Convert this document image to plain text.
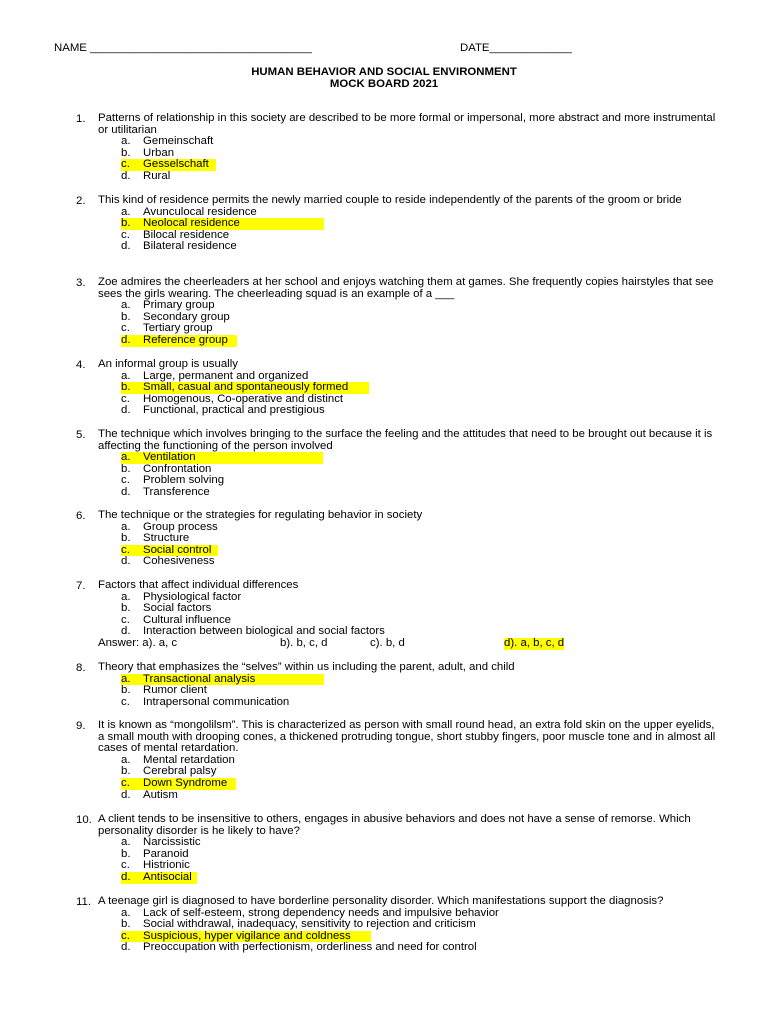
NAME ___________________________________	DATE_____________
HUMAN BEHAVIOR AND SOCIAL ENVIRONMENT
MOCK BOARD 2021
1. Patterns of relationship in this society are described to be more formal or impersonal, more abstract and more instrumental or utilitarian
a. Gemeinschaft
b. Urban
c. Gesselschaft
d. Rural
2. This kind of residence permits the newly married couple to reside independently of the parents of the groom or bride
a. Avunculocal residence
b. Neolocal residence
c. Bilocal residence
d. Bilateral residence
3. Zoe admires the cheerleaders at her school and enjoys watching them at games. She frequently copies hairstyles that see sees the girls wearing. The cheerleading squad is an example of a ___
a. Primary group
b. Secondary group
c. Tertiary group
d. Reference group
4. An informal group is usually
a. Large, permanent and organized
b. Small, casual and spontaneously formed
c. Homogenous, Co-operative and distinct
d. Functional, practical and prestigious
5. The technique which involves bringing to the surface the feeling and the attitudes that need to be brought out because it is affecting the functioning of the person involved
a. Ventilation
b. Confrontation
c. Problem solving
d. Transference
6. The technique or the strategies for regulating behavior in society
a. Group process
b. Structure
c. Social control
d. Cohesiveness
7. Factors that affect individual differences
a. Physiological factor
b. Social factors
c. Cultural influence
d. Interaction between biological and social factors
Answer: a). a, c	b). b, c, d	c). b, d	d). a, b, c, d
8. Theory that emphasizes the “selves” within us including the parent, adult, and child
a. Transactional analysis
b. Rumor client
c. Intrapersonal communication
9. It is known as “mongolilsm”. This is characterized as person with small round head, an extra fold skin on the upper eyelids, a small mouth with drooping cones, a thickened protruding tongue, short stubby fingers, poor muscle tone and in almost all cases of mental retardation.
a. Mental retardation
b. Cerebral palsy
c. Down Syndrome
d. Autism
10. A client tends to be insensitive to others, engages in abusive behaviors and does not have a sense of remorse. Which personality disorder is he likely to have?
a. Narcissistic
b. Paranoid
c. Histrionic
d. Antisocial
11. A teenage girl is diagnosed to have borderline personality disorder. Which manifestations support the diagnosis?
a. Lack of self-esteem, strong dependency needs and impulsive behavior
b. Social withdrawal, inadequacy, sensitivity to rejection and criticism
c. Suspicious, hyper vigilance and coldness
d. Preoccupation with perfectionism, orderliness and need for control
